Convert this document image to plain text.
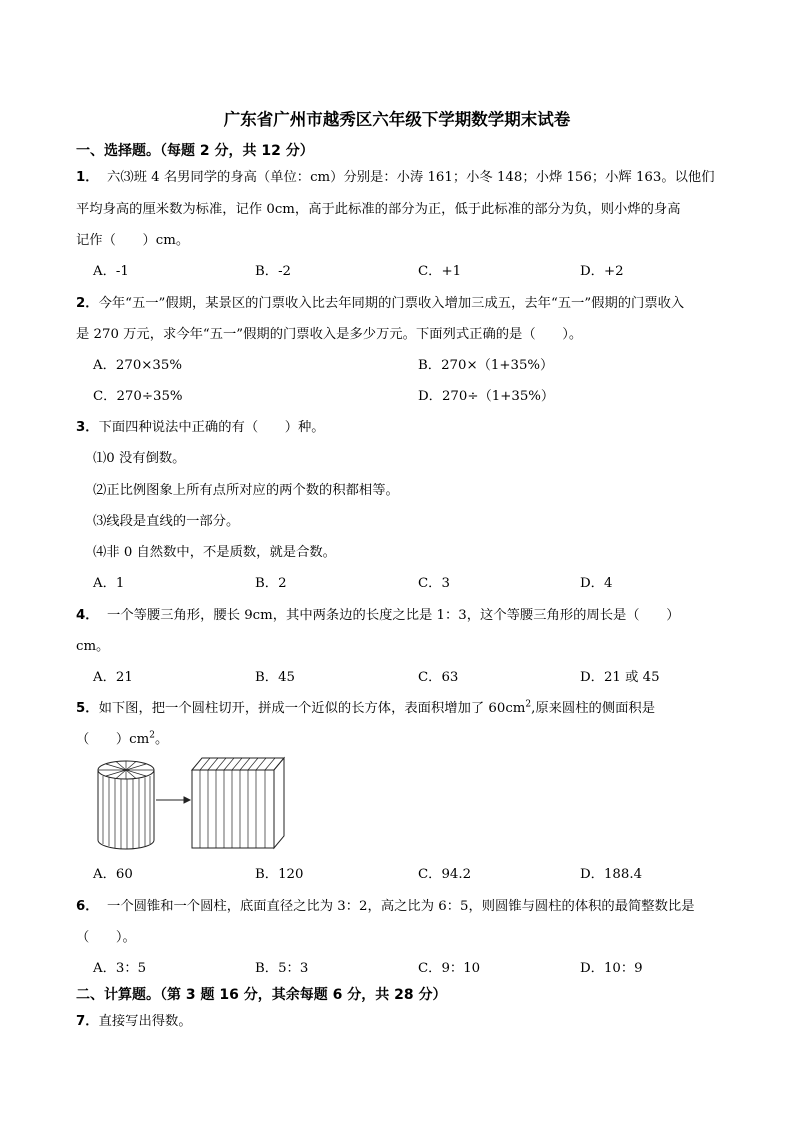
广东省广州市越秀区六年级下学期数学期末试卷
一、选择题。（每题 2 分，共 12 分）
1． 六⑶班 4 名男同学的身高（单位：cm）分别是：小涛 161；小冬 148；小烨 156；小辉 163。以他们
平均身高的厘米数为标准，记作 0cm，高于此标准的部分为正，低于此标准的部分为负，则小烨的身高
记作（　　）cm。
A．-1	B．-2	C．+1	D．+2
2．今年“五一”假期，某景区的门票收入比去年同期的门票收入增加三成五，去年“五一”假期的门票收入
是 270 万元，求今年“五一”假期的门票收入是多少万元。下面列式正确的是（　　）。
A．270×35%	B．270×（1+35%）
C．270÷35%	D．270÷（1+35%）
3．下面四种说法中正确的有（　　）种。
⑴0 没有倒数。
⑵正比例图象上所有点所对应的两个数的积都相等。
⑶线段是直线的一部分。
⑷非 0 自然数中，不是质数，就是合数。
A．1	B．2	C．3	D．4
4． 一个等腰三角形，腰长 9cm，其中两条边的长度之比是 1：3，这个等腰三角形的周长是（　　）
cm。
A．21	B．45	C．63	D．21 或 45
5．如下图，把一个圆柱切开，拼成一个近似的长方体，表面积增加了 $60cm^2$,原来圆柱的侧面积是
（　　）$cm^2$。
A．60	B．120	C．94.2	D．188.4
6． 一个圆锥和一个圆柱，底面直径之比为 3：2，高之比为 6：5，则圆锥与圆柱的体积的最简整数比是
（　　）。
A．3：5	B．5：3	C．9：10	D．10：9
二、计算题。（第 3 题 16 分，其余每题 6 分，共 28 分）
7．直接写出得数。
